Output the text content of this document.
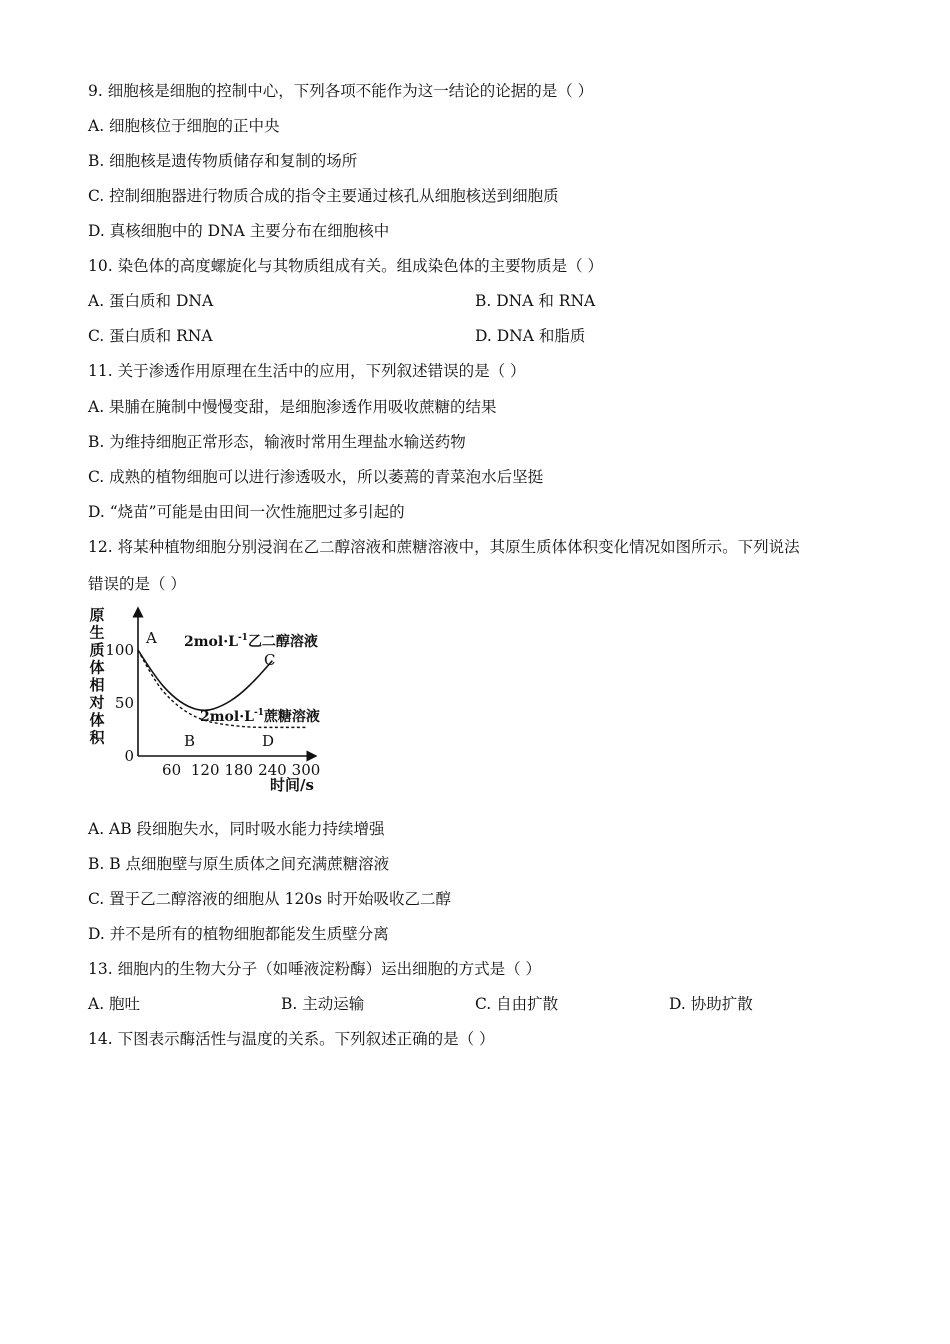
9. 细胞核是细胞的控制中心，下列各项不能作为这一结论的论据的是（ ）
A. 细胞核位于细胞的正中央
B. 细胞核是遗传物质储存和复制的场所
C. 控制细胞器进行物质合成的指令主要通过核孔从细胞核送到细胞质
D. 真核细胞中的 DNA 主要分布在细胞核中
10. 染色体的高度螺旋化与其物质组成有关。组成染色体的主要物质是（ ）
A. 蛋白质和 DNA	B. DNA 和 RNA
C. 蛋白质和 RNA	D. DNA 和脂质
11. 关于渗透作用原理在生活中的应用，下列叙述错误的是（ ）
A. 果脯在腌制中慢慢变甜，是细胞渗透作用吸收蔗糖的结果
B. 为维持细胞正常形态，输液时常用生理盐水输送药物
C. 成熟的植物细胞可以进行渗透吸水，所以萎蔫的青菜泡水后坚挺
D. “烧苗”可能是由田间一次性施肥过多引起的
12. 将某种植物细胞分别浸润在乙二醇溶液和蔗糖溶液中，其原生质体体积变化情况如图所示。下列说法
错误的是（ ）
原
生
质
体
相
对
体
积
60 120 180 240 300
0
50
100
A
B
C
D
$2mol\cdot L^{-1}$乙二醇溶液
$2mol\cdot L^{-1}$蔗糖溶液
时间/s
A. AB 段细胞失水，同时吸水能力持续增强
B. B 点细胞壁与原生质体之间充满蔗糖溶液
C. 置于乙二醇溶液的细胞从 120s 时开始吸收乙二醇
D. 并不是所有的植物细胞都能发生质壁分离
13. 细胞内的生物大分子（如唾液淀粉酶）运出细胞的方式是（ ）
A. 胞吐	B. 主动运输	C. 自由扩散	D. 协助扩散
14. 下图表示酶活性与温度的关系。下列叙述正确的是（ ）
